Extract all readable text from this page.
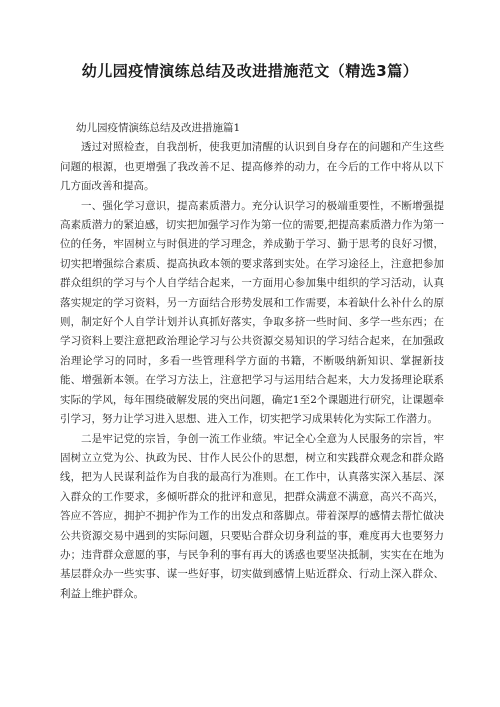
幼儿园疫情演练总结及改进措施范文（精选3篇）

幼儿园疫情演练总结及改进措施篇1

透过对照检查，自我剖析，使我更加清醒的认识到自身存在的问题和产生这些问题的根源，也更增强了我改善不足、提高修养的动力，在今后的工作中将从以下几方面改善和提高。

一、强化学习意识，提高素质潜力。充分认识学习的极端重要性，不断增强提高素质潜力的紧迫感，切实把加强学习作为第一位的需要,把提高素质潜力作为第一位的任务，牢固树立与时俱进的学习理念，养成勤于学习、勤于思考的良好习惯，切实把增强综合素质、提高执政本领的要求落到实处。在学习途径上，注意把参加群众组织的学习与个人自学结合起来，一方面用心参加集中组织的学习活动，认真落实规定的学习资料，另一方面结合形势发展和工作需要，本着缺什么补什么的原则，制定好个人自学计划并认真抓好落实，争取多挤一些时间、多学一些东西；在学习资料上要注意把政治理论学习与公共资源交易知识的学习结合起来，在加强政治理论学习的同时，多看一些管理科学方面的书籍，不断吸纳新知识、掌握新技能、增强新本领。在学习方法上，注意把学习与运用结合起来，大力发扬理论联系实际的学风，每年围绕破解发展的突出问题，确定1至2个课题进行研究，让课题牵引学习，努力让学习进入思想、进入工作，切实把学习成果转化为实际工作潜力。

二是牢记党的宗旨，争创一流工作业绩。牢记全心全意为人民服务的宗旨，牢固树立立党为公、执政为民、甘作人民公仆的思想，树立和实践群众观念和群众路线，把为人民谋利益作为自我的最高行为准则。在工作中，认真落实深入基层、深入群众的工作要求，多倾听群众的批评和意见，把群众满意不满意，高兴不高兴，答应不答应，拥护不拥护作为工作的出发点和落脚点。带着深厚的感情去帮忙做决公共资源交易中遇到的实际问题，只要贴合群众切身利益的事，难度再大也要努力办；违背群众意愿的事，与民争利的事有再大的诱惑也要坚决抵制，实实在在地为基层群众办一些实事、谋一些好事，切实做到感情上贴近群众、行动上深入群众、利益上维护群众。
